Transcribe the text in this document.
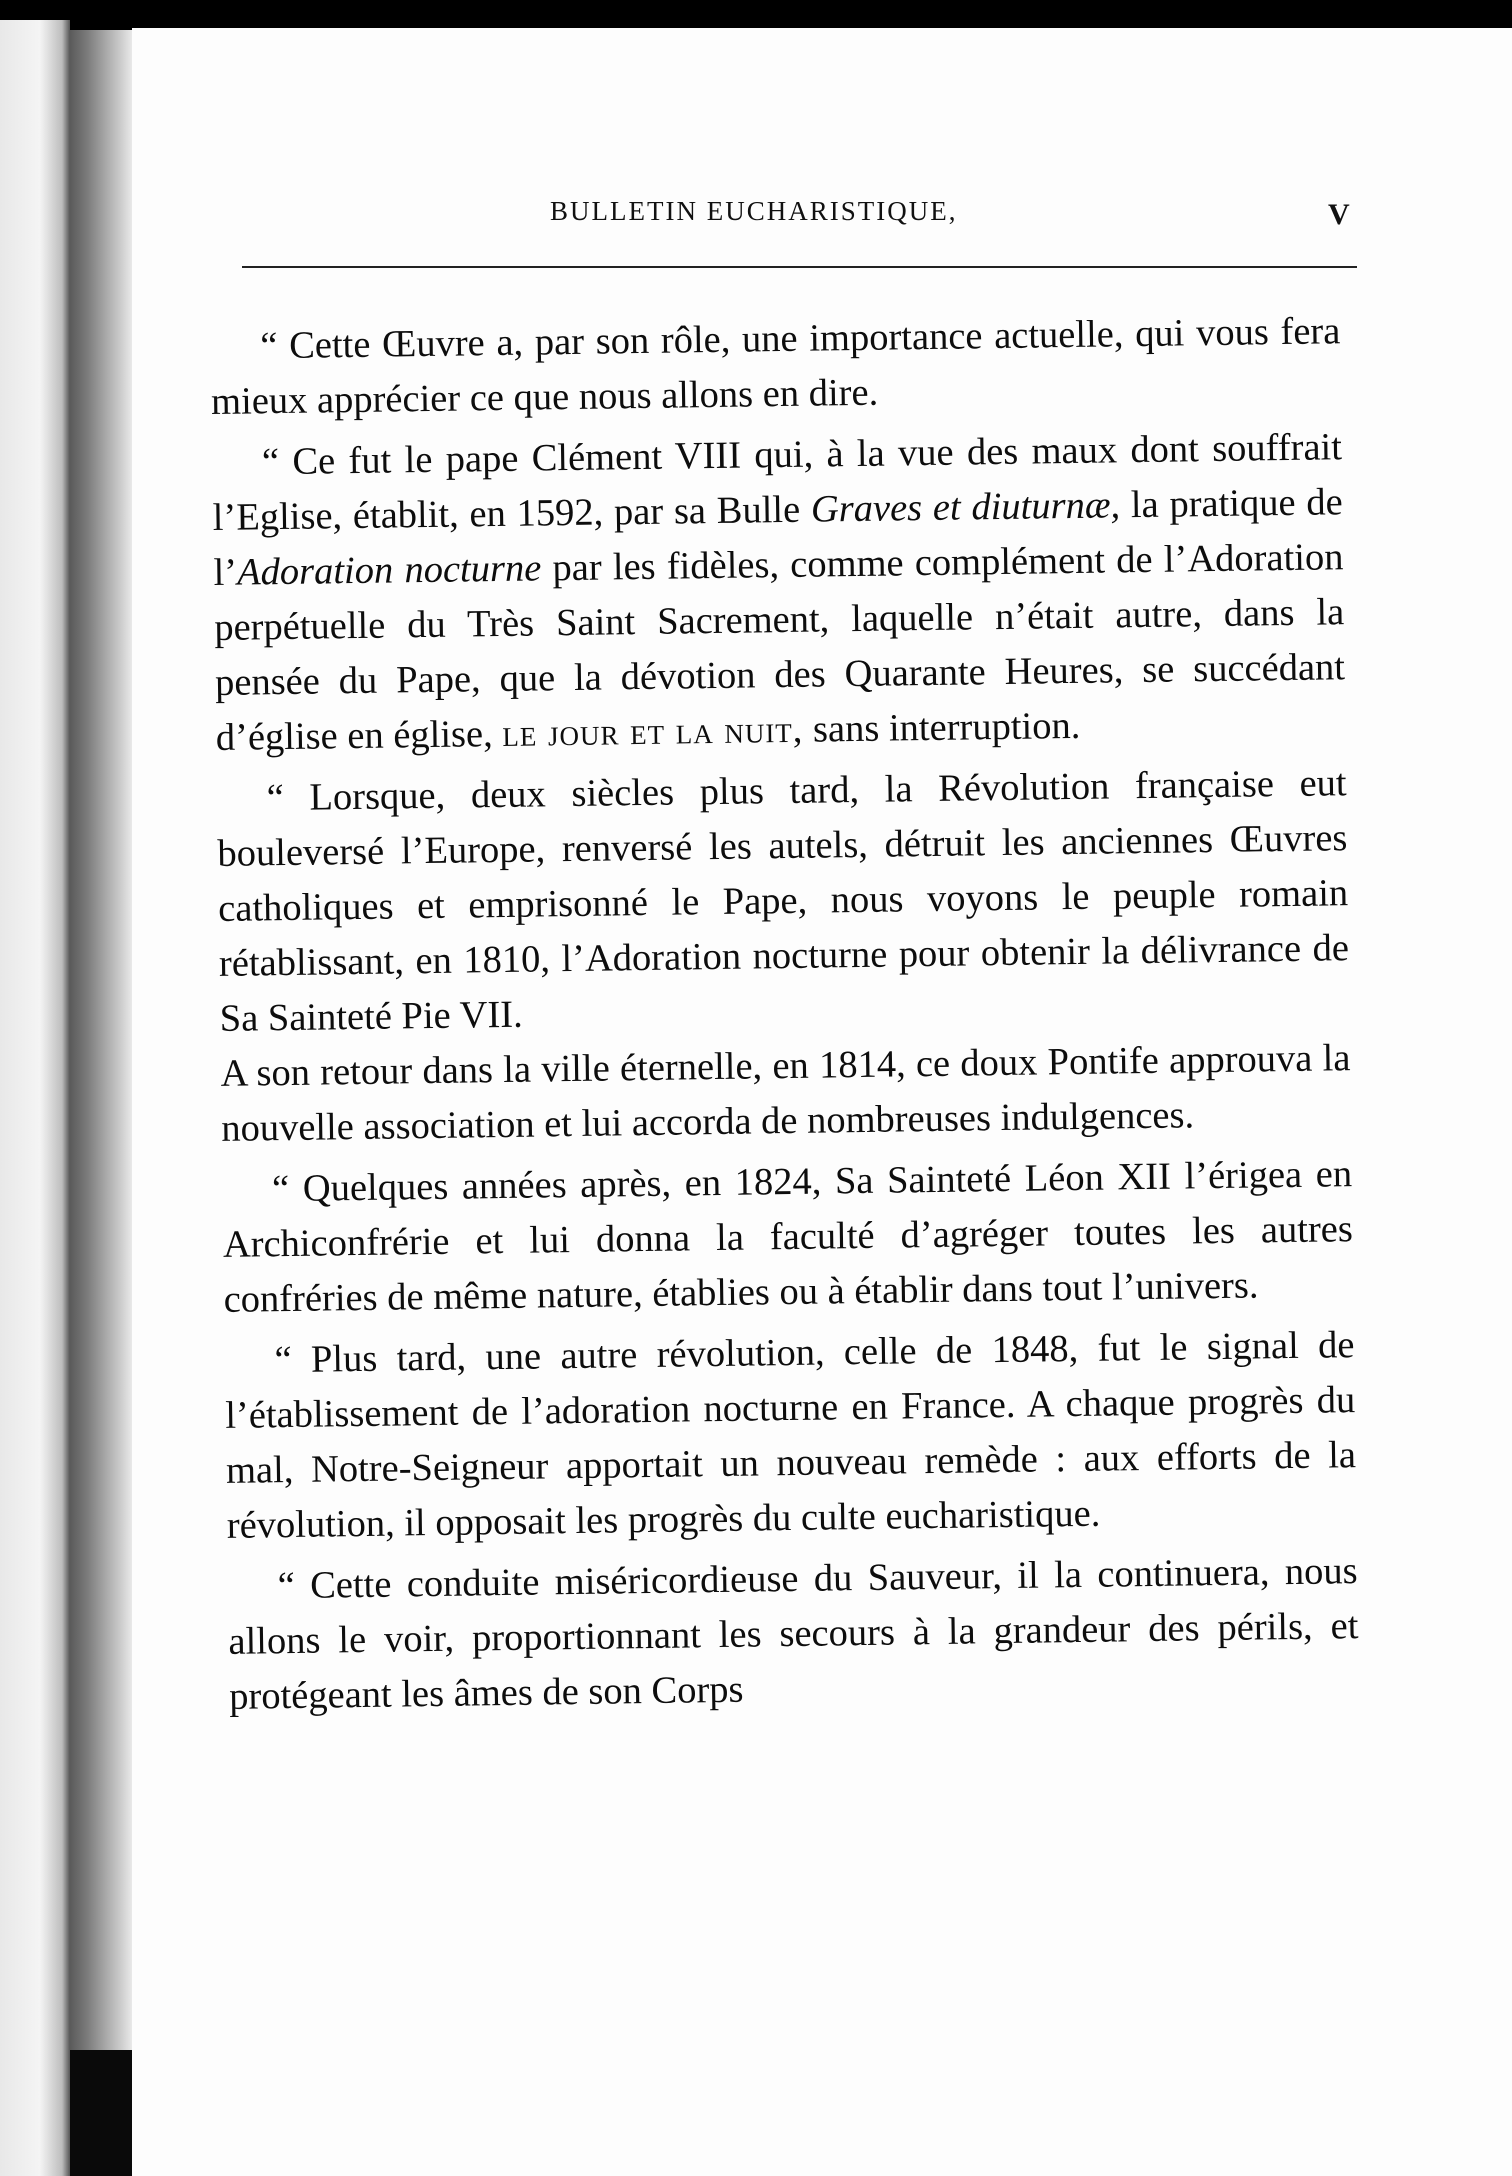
BULLETIN EUCHARISTIQUE,	V

“ Cette Œuvre a, par son rôle, une importance actuelle, qui vous fera mieux apprécier ce que nous allons en dire.

“ Ce fut le pape Clément VIII qui, à la vue des maux dont souffrait l’Eglise, établit, en 1592, par sa Bulle Graves et diuturnæ, la pratique de l’Adoration nocturne par les fidèles, comme complément de l’Adoration perpétuelle du Très Saint Sacrement, laquelle n’était autre, dans la pensée du Pape, que la dévotion des Quarante Heures, se succédant d’église en église, le jour et la nuit, sans interruption.

“ Lorsque, deux siècles plus tard, la Révolution française eut bouleversé l’Europe, renversé les autels, détruit les anciennes Œuvres catholiques et emprisonné le Pape, nous voyons le peuple romain rétablissant, en 1810, l’Adoration nocturne pour obtenir la délivrance de Sa Sainteté Pie VII.

A son retour dans la ville éternelle, en 1814, ce doux Pontife approuva la nouvelle association et lui accorda de nombreuses indulgences.

“ Quelques années après, en 1824, Sa Sainteté Léon XII l’érigea en Archiconfrérie et lui donna la faculté d’agréger toutes les autres confréries de même nature, établies ou à établir dans tout l’univers.

“ Plus tard, une autre révolution, celle de 1848, fut le signal de l’établissement de l’adoration nocturne en France. A chaque progrès du mal, Notre-Seigneur apportait un nouveau remède : aux efforts de la révolution, il opposait les progrès du culte eucharistique.

“ Cette conduite miséricordieuse du Sauveur, il la continuera, nous allons le voir, proportionnant les secours à la grandeur des périls, et protégeant les âmes de son Corps
